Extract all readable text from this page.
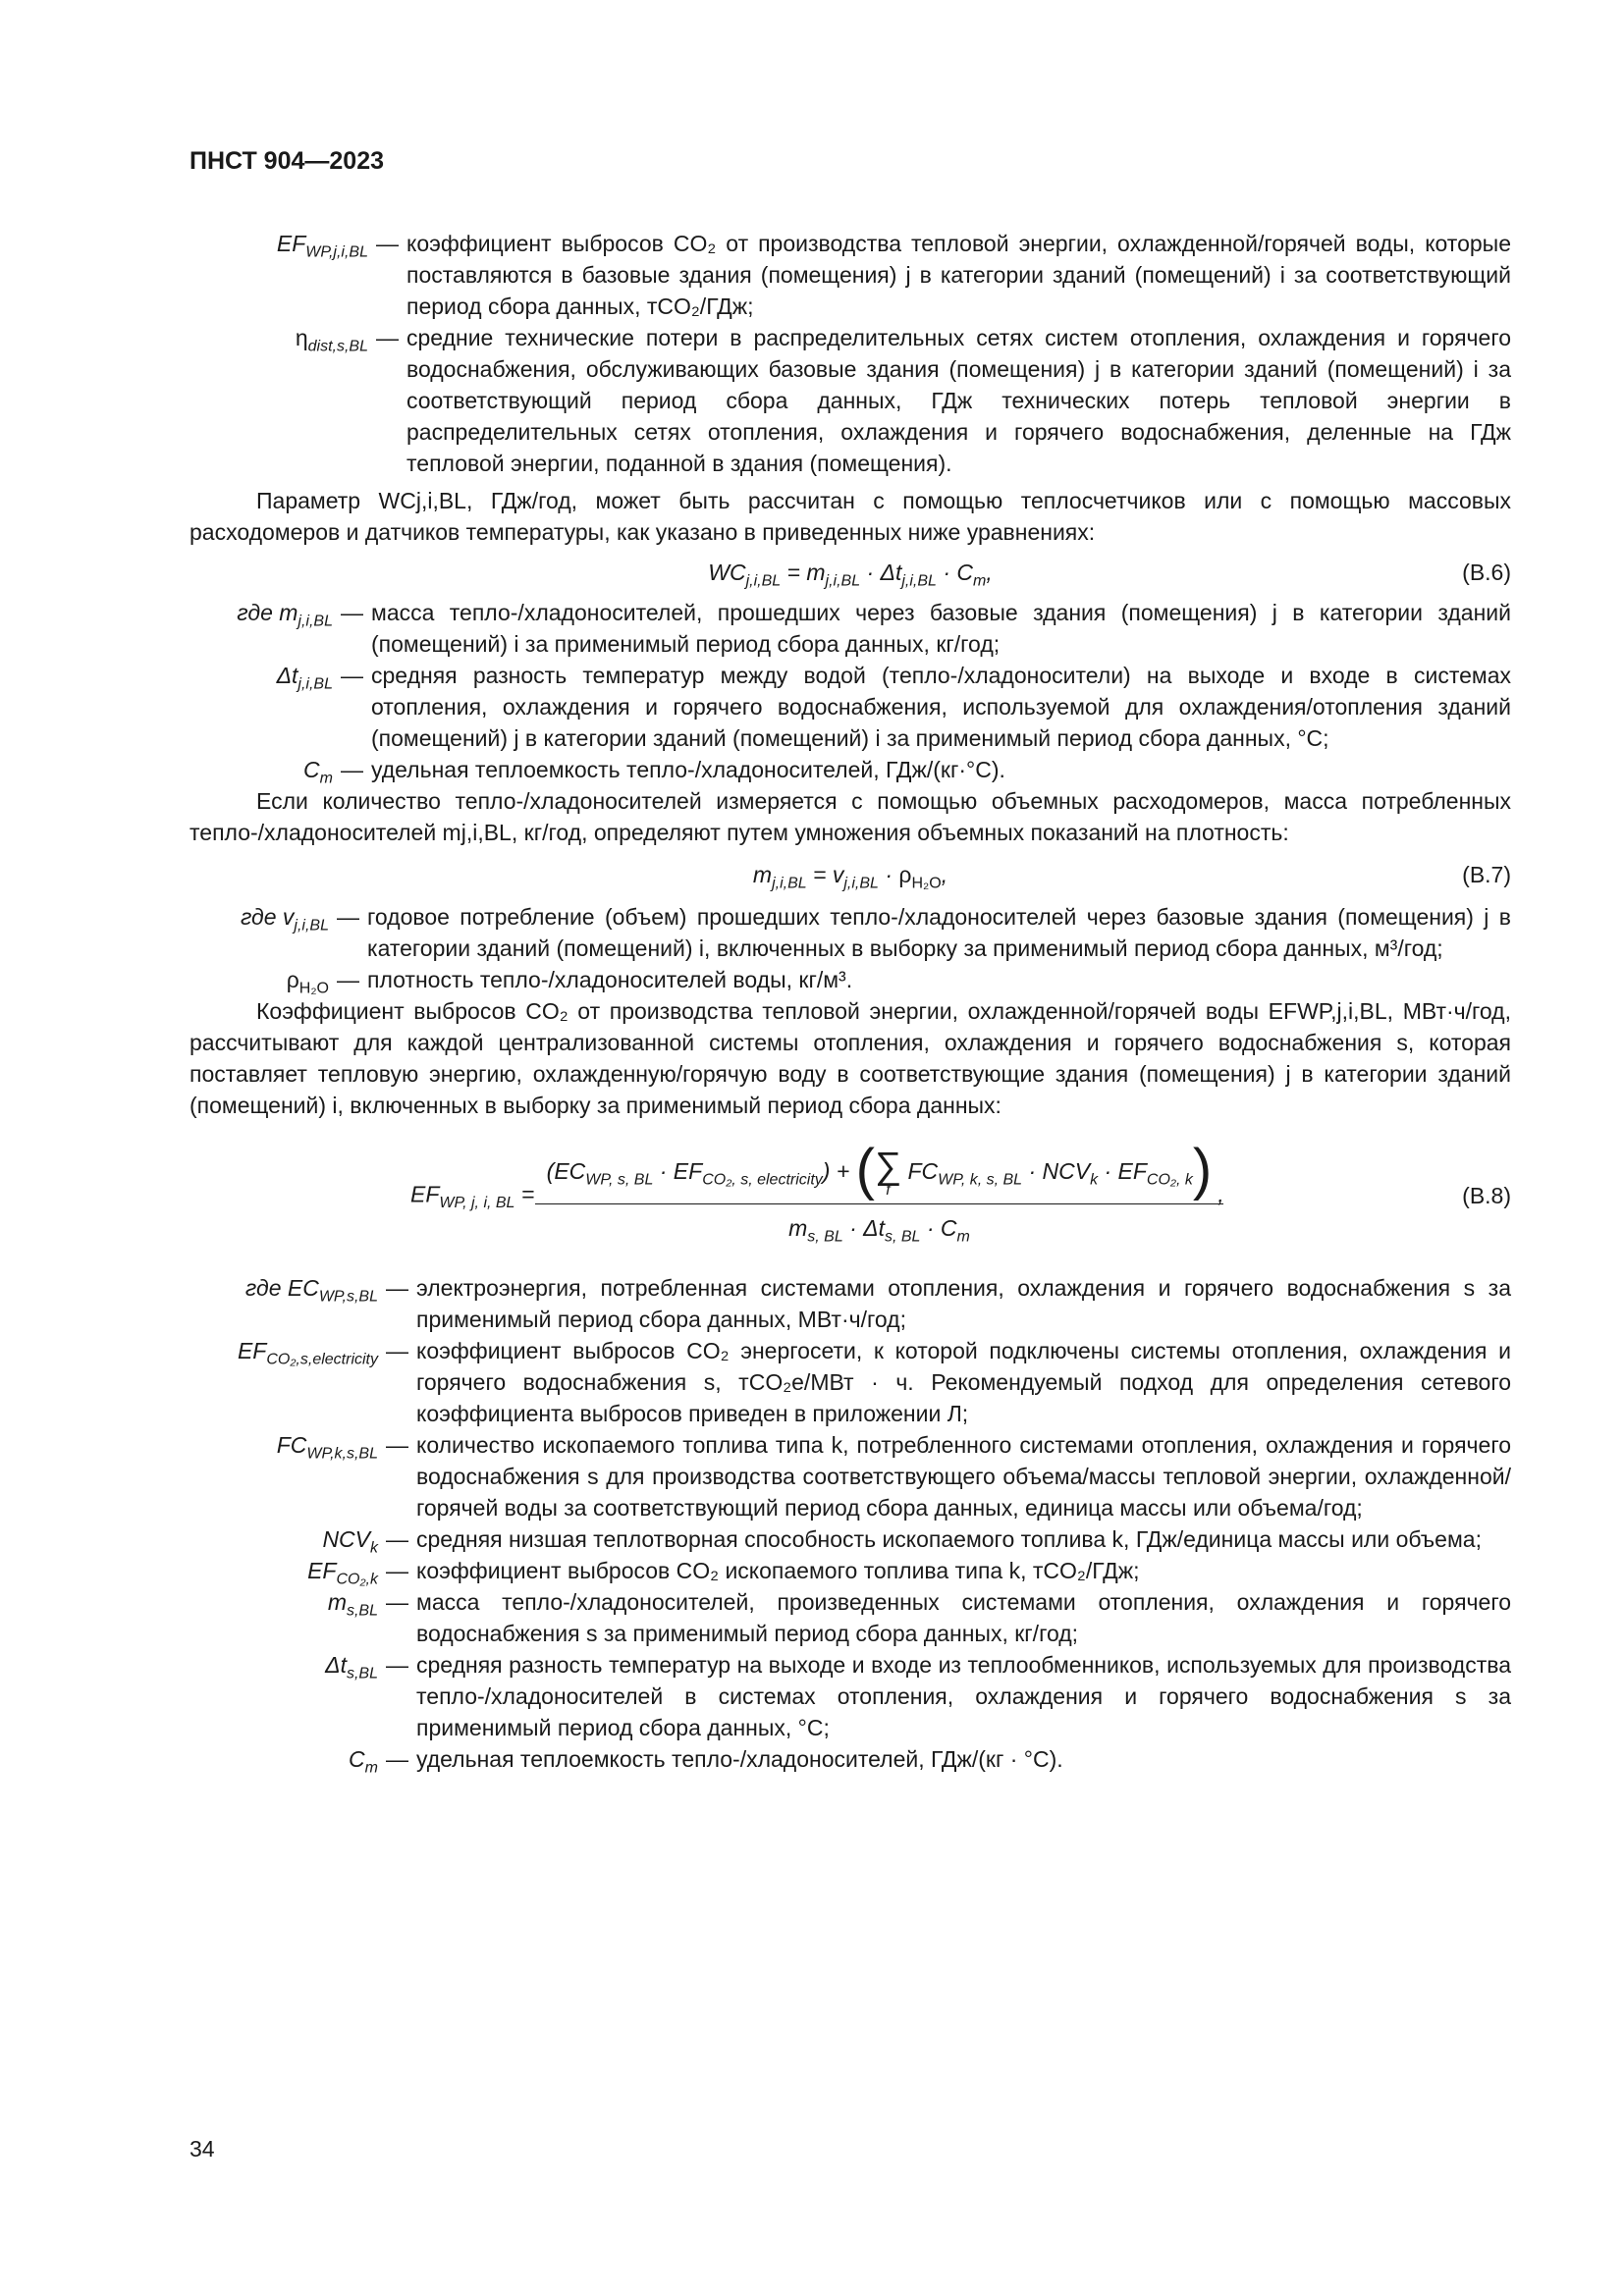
ПНСТ 904—2023
$EF_{WP,j,i,BL}$ — коэффициент выбросов CO₂ от производства тепловой энергии, охлажденной/горячей воды, которые поставляются в базовые здания (помещения) j в категории зданий (помещений) i за соответствующий период сбора данных, тCO₂/ГДж;
$\eta_{dist,s,BL}$ — средние технические потери в распределительных сетях систем отопления, охлаждения и горячего водоснабжения, обслуживающих базовые здания (помещения) j в категории зданий (помещений) i за соответствующий период сбора данных, ГДж технических потерь тепловой энергии в распределительных сетях отопления, охлаждения и горячего водоснабжения, деленные на ГДж тепловой энергии, поданной в здания (помещения).
Параметр WCj,i,BL, ГДж/год, может быть рассчитан с помощью теплосчетчиков или с помощью массовых расходомеров и датчиков температуры, как указано в приведенных ниже уравнениях:
$WC_{j,i,BL} = m_{j,i,BL} \cdot \Delta t_{j,i,BL} \cdot C_m$,	(B.6)
где $m_{j,i,BL}$ — масса тепло-/хладоносителей, прошедших через базовые здания (помещения) j в категории зданий (помещений) i за применимый период сбора данных, кг/год;
$\Delta t_{j,i,BL}$ — средняя разность температур между водой (тепло-/хладоносители) на выходе и входе в системах отопления, охлаждения и горячего водоснабжения, используемой для охлаждения/отопления зданий (помещений) j в категории зданий (помещений) i за применимый период сбора данных, °C;
$C_m$ — удельная теплоемкость тепло-/хладоносителей, ГДж/(кг·°C).
Если количество тепло-/хладоносителей измеряется с помощью объемных расходомеров, масса потребленных тепло-/хладоносителей mj,i,BL, кг/год, определяют путем умножения объемных показаний на плотность:
$m_{j,i,BL} = v_{j,i,BL} \cdot \rho_{H_2O}$,	(B.7)
где $v_{j,i,BL}$ — годовое потребление (объем) прошедших тепло-/хладоносителей через базовые здания (помещения) j в категории зданий (помещений) i, включенных в выборку за применимый период сбора данных, м³/год;
$\rho_{H_2O}$ — плотность тепло-/хладоносителей воды, кг/м³.
Коэффициент выбросов CO₂ от производства тепловой энергии, охлажденной/горячей воды EFWP,j,i,BL, МВт·ч/год, рассчитывают для каждой централизованной системы отопления, охлаждения и горячего водоснабжения s, которая поставляет тепловую энергию, охлажденную/горячую воду в соответствующие здания (помещения) j в категории зданий (помещений) i, включенных в выборку за применимый период сбора данных:
$EF_{WP, j, i, BL}$ =
$(EC_{WP, s, BL} \cdot EF_{CO_2, s, electricity})$ + ( ∑
f
$FC_{WP, k, s, BL} \cdot NCV_k \cdot EF_{CO_2, k}$)
$m_{s, BL} \cdot \Delta t_{s, BL} \cdot C_m$
,	(B.8)
где $EC_{WP,s,BL}$ — электроэнергия, потребленная системами отопления, охлаждения и горячего водоснабжения s за применимый период сбора данных, МВт·ч/год;
$EF_{CO_2,s,electricity}$ — коэффициент выбросов CO₂ энергосети, к которой подключены системы отопления, охлаждения и горячего водоснабжения s, тCO₂е/МВт · ч. Рекомендуемый подход для определения сетевого коэффициента выбросов приведен в приложении Л;
$FC_{WP,k,s,BL}$ — количество ископаемого топлива типа k, потребленного системами отопления, охлаждения и горячего водоснабжения s для производства соответствующего объема/массы тепловой энергии, охлажденной/горячей воды за соответствующий период сбора данных, единица массы или объема/год;
$NCV_k$ — средняя низшая теплотворная способность ископаемого топлива k, ГДж/единица массы или объема;
$EF_{CO_2,k}$ — коэффициент выбросов CO₂ ископаемого топлива типа k, тCO₂/ГДж;
$m_{s,BL}$ — масса тепло-/хладоносителей, произведенных системами отопления, охлаждения и горячего водоснабжения s за применимый период сбора данных, кг/год;
$\Delta t_{s,BL}$ — средняя разность температур на выходе и входе из теплообменников, используемых для производства тепло-/хладоносителей в системах отопления, охлаждения и горячего водоснабжения s за применимый период сбора данных, °C;
$C_m$ — удельная теплоемкость тепло-/хладоносителей, ГДж/(кг · °C).
34
